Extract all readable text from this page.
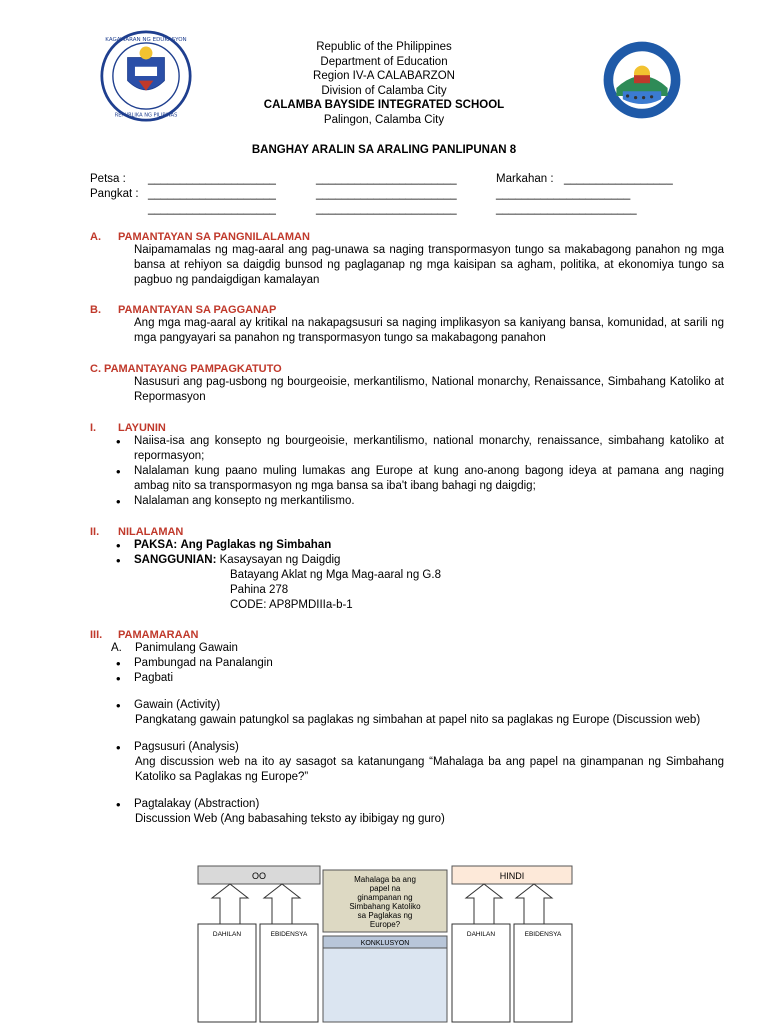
KAGAWARAN NG EDUKASYON
REPUBLIKA NG PILIPINAS
Republic of the Philippines
Department of Education
Region IV-A CALABARZON
Division of Calamba City
CALAMBA BAYSIDE INTEGRATED SCHOOL
Palingon, Calamba City
BANGHAY ARALIN SA ARALING PANLIPUNAN 8
Petsa : ____________________	______________________	Markahan : _________________
Pangkat : ____________________	______________________	_____________________
____________________	______________________	______________________
A. PAMANTAYAN SA PANGNILALAMAN
Naipamamalas ng mag-aaral ang pag-unawa sa naging transpormasyon tungo sa makabagong panahon ng mga bansa at rehiyon sa daigdig bunsod ng paglaganap ng mga kaisipan sa agham, politika, at ekonomiya tungo sa pagbuo ng pandaigdigan kamalayan
B. PAMANTAYAN SA PAGGANAP
Ang mga mag-aaral ay kritikal na nakapagsusuri sa naging implikasyon sa kaniyang bansa, komunidad, at sarili ng mga pangyayari sa panahon ng transpormasyon tungo sa makabagong panahon
C. PAMANTAYANG PAMPAGKATUTO
Nasusuri ang pag-usbong ng bourgeoisie, merkantilismo, National monarchy, Renaissance, Simbahang Katoliko at Repormasyon
I. LAYUNIN
• Naiisa-isa ang konsepto ng bourgeoisie, merkantilismo, national monarchy, renaissance, simbahang katoliko at repormasyon;
• Nalalaman kung paano muling lumakas ang Europe at kung ano-anong bagong ideya at pamana ang naging ambag nito sa transpormasyon ng mga bansa sa iba't ibang bahagi ng daigdig;
• Nalalaman ang konsepto ng merkantilismo.
II. NILALAMAN
• PAKSA: Ang Paglakas ng Simbahan
• SANGGUNIAN: Kasaysayan ng Daigdig
Batayang Aklat ng Mga Mag-aaral ng G.8
Pahina 278
CODE: AP8PMDIIIa-b-1
III. PAMAMARAAN
A. Panimulang Gawain
• Pambungad na Panalangin
• Pagbati
• Gawain (Activity)
Pangkatang gawain patungkol sa paglakas ng simbahan at papel nito sa paglakas ng Europe (Discussion web)
• Pagsusuri (Analysis)
Ang discussion web na ito ay sasagot sa katanungang “Mahalaga ba ang papel na ginampanan ng Simbahang Katoliko sa Paglakas ng Europe?”
• Pagtalakay (Abstraction)
Discussion Web (Ang babasahing teksto ay ibibigay ng guro)
OO	HINDI
Mahalaga ba ang
papel na
ginampanan ng
Simbahang Katoliko
sa Paglakas ng
Europe?
DAHILAN	EBIDENSYA	DAHILAN	EBIDENSYA
KONKLUSYON
